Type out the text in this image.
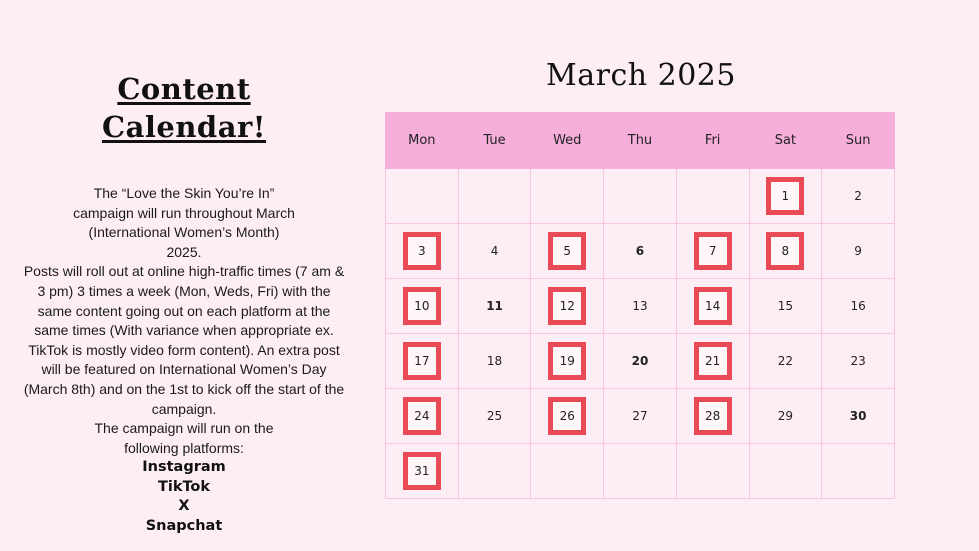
Content
Calendar!

The “Love the Skin You’re In”

campaign will run throughout March

(International Women’s Month)

2025.

Posts will roll out at online high-traffic times (7 am &

3 pm) 3 times a week (Mon, Weds, Fri) with the

same content going out on each platform at the

same times (With variance when appropriate ex.

TikTok is mostly video form content). An extra post

will be featured on International Women’s Day

(March 8th) and on the 1st to kick off the start of the

campaign.

The campaign will run on the

following platforms:

Instagram
TikTok
X
Snapchat
March 2025
Mon	Tue	Wed	Thu	Fri	Sat	Sun
					1	2
3	4	5	6	7	8	9
10	11	12	13	14	15	16
17	18	19	20	21	22	23
24	25	26	27	28	29	30
31						
